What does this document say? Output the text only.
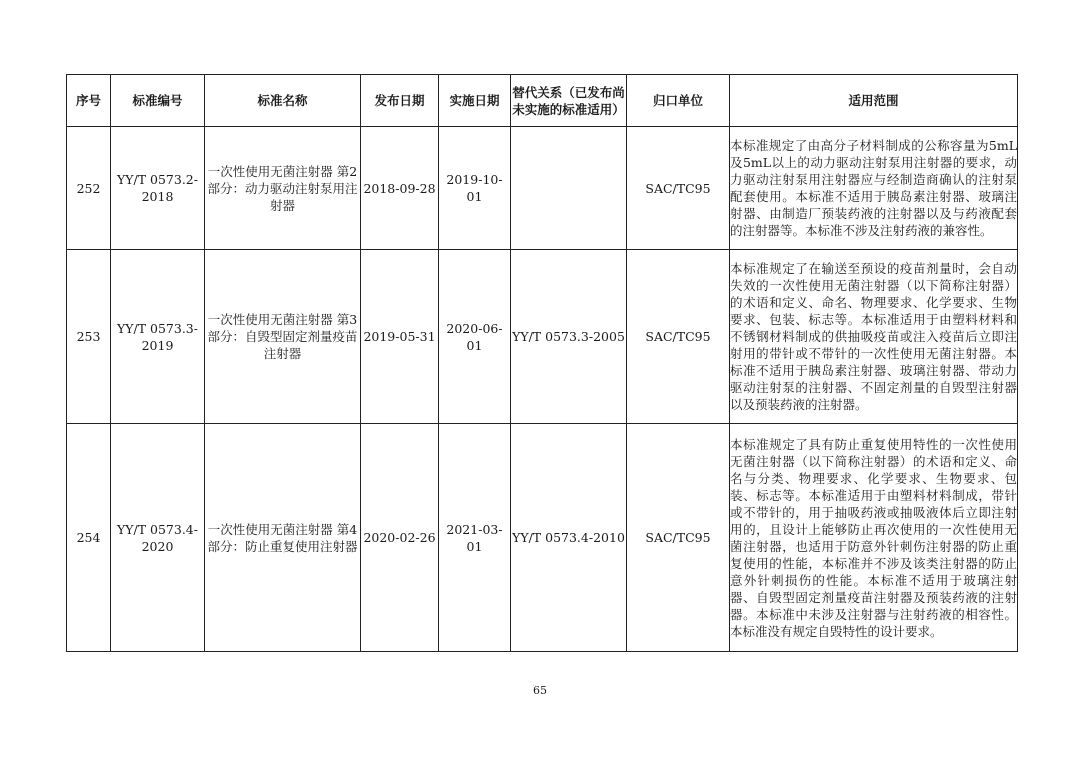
序号	标准编号	标准名称	发布日期	实施日期	替代关系（已发布尚未实施的标准适用）	归口单位	适用范围
252	YY/T 0573.2-2018	一次性使用无菌注射器 第2部分：动力驱动注射泵用注射器	2018-09-28	2019-10-01		SAC/TC95	本标准规定了由高分子材料制成的公称容量为5mL及5mL以上的动力驱动注射泵用注射器的要求，动力驱动注射泵用注射器应与经制造商确认的注射泵配套使用。本标准不适用于胰岛素注射器、玻璃注射器、由制造厂预装药液的注射器以及与药液配套的注射器等。本标准不涉及注射药液的兼容性。

253	YY/T 0573.3-2019	一次性使用无菌注射器 第3部分：自毁型固定剂量疫苗注射器	2019-05-31	2020-06-01	YY/T 0573.3-2005	SAC/TC95	本标准规定了在输送至预设的疫苗剂量时，会自动失效的一次性使用无菌注射器（以下简称注射器）的术语和定义、命名、物理要求、化学要求、生物要求、包装、标志等。本标准适用于由塑料材料和不锈钢材料制成的供抽吸疫苗或注入疫苗后立即注射用的带针或不带针的一次性使用无菌注射器。本标准不适用于胰岛素注射器、玻璃注射器、带动力驱动注射泵的注射器、不固定剂量的自毁型注射器以及预装药液的注射器。

254	YY/T 0573.4-2020	一次性使用无菌注射器 第4部分：防止重复使用注射器	2020-02-26	2021-03-01	YY/T 0573.4-2010	SAC/TC95	本标准规定了具有防止重复使用特性的一次性使用无菌注射器（以下简称注射器）的术语和定义、命名与分类、物理要求、化学要求、生物要求、包装、标志等。本标准适用于由塑料材料制成，带针或不带针的，用于抽吸药液或抽吸液体后立即注射用的，且设计上能够防止再次使用的一次性使用无菌注射器，也适用于防意外针刺伤注射器的防止重复使用的性能，本标准并不涉及该类注射器的防止意外针刺损伤的性能。本标准不适用于玻璃注射器、自毁型固定剂量疫苗注射器及预装药液的注射器。本标准中未涉及注射器与注射药液的相容性。本标准没有规定自毁特性的设计要求。
65
